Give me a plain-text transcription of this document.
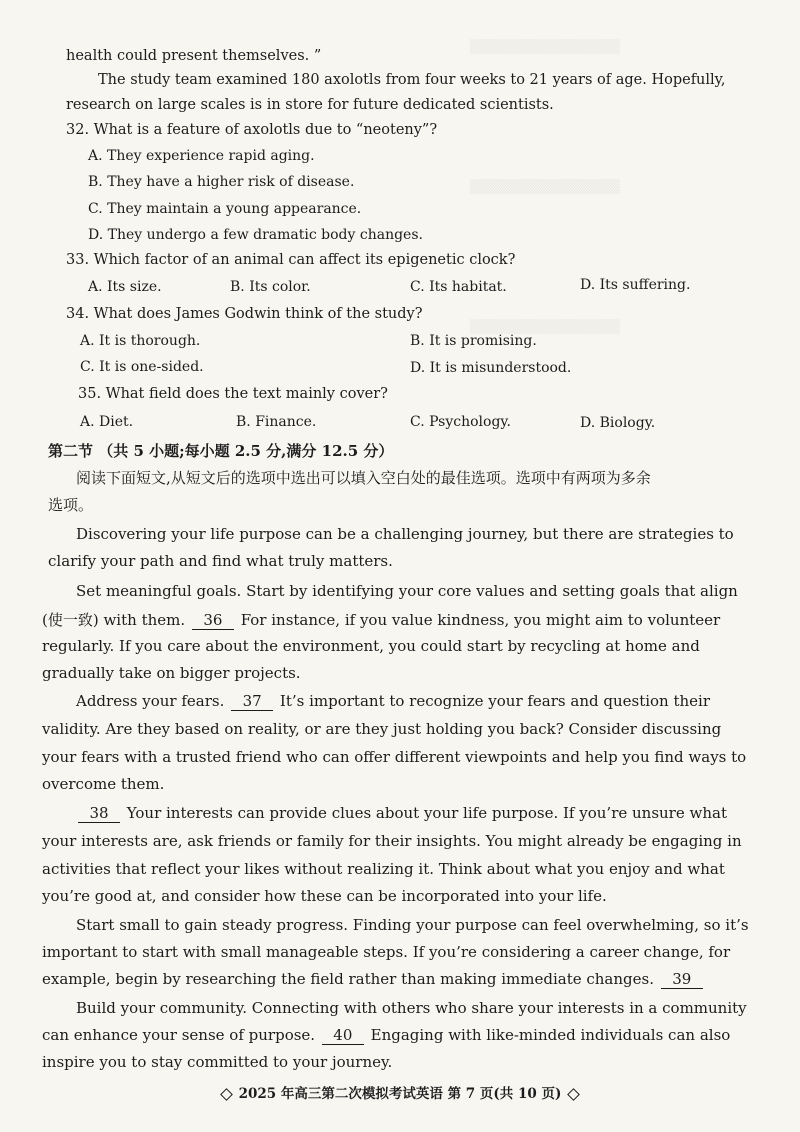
▒▒▒▒▒▒▒▒▒▒▒▒▒▒▒
▒▒▒▒▒▒▒▒▒▒▒▒▒▒▒
▒▒▒▒▒▒▒▒▒▒▒▒▒▒▒
health could present themselves. ”
The study team examined 180 axolotls from four weeks to 21 years of age. Hopefully,
research on large scales is in store for future dedicated scientists.
32. What is a feature of axolotls due to “neoteny”?
A. They experience rapid aging.
B. They have a higher risk of disease.
C. They maintain a young appearance.
D. They undergo a few dramatic body changes.
33. Which factor of an animal can affect its epigenetic clock?
A. Its size.	B. Its color.	C. Its habitat.	D. Its suffering.
34. What does James Godwin think of the study?
A. It is thorough.	B. It is promising.
C. It is one-sided.	D. It is misunderstood.
35. What field does the text mainly cover?
A. Diet.	B. Finance.	C. Psychology.	D. Biology.
第二节 （共 5 小题;每小题 2.5 分,满分 12.5 分）
阅读下面短文,从短文后的选项中选出可以填入空白处的最佳选项。选项中有两项为多余
选项。
Discovering your life purpose can be a challenging journey, but there are strategies to
clarify your path and find what truly matters.
Set meaningful goals. Start by identifying your core values and setting goals that align
(使一致) with them. 36 For instance, if you value kindness, you might aim to volunteer
regularly. If you care about the environment, you could start by recycling at home and
gradually take on bigger projects.
Address your fears. 37 It’s important to recognize your fears and question their
validity. Are they based on reality, or are they just holding you back? Consider discussing
your fears with a trusted friend who can offer different viewpoints and help you find ways to
overcome them.
38 Your interests can provide clues about your life purpose. If you’re unsure what
your interests are, ask friends or family for their insights. You might already be engaging in
activities that reflect your likes without realizing it. Think about what you enjoy and what
you’re good at, and consider how these can be incorporated into your life.
Start small to gain steady progress. Finding your purpose can feel overwhelming, so it’s
important to start with small manageable steps. If you’re considering a career change, for
example, begin by researching the field rather than making immediate changes. 39
Build your community. Connecting with others who share your interests in a community
can enhance your sense of purpose. 40 Engaging with like-minded individuals can also
inspire you to stay committed to your journey.
2025 年高三第二次模拟考试英语 第 7 页(共 10 页)
